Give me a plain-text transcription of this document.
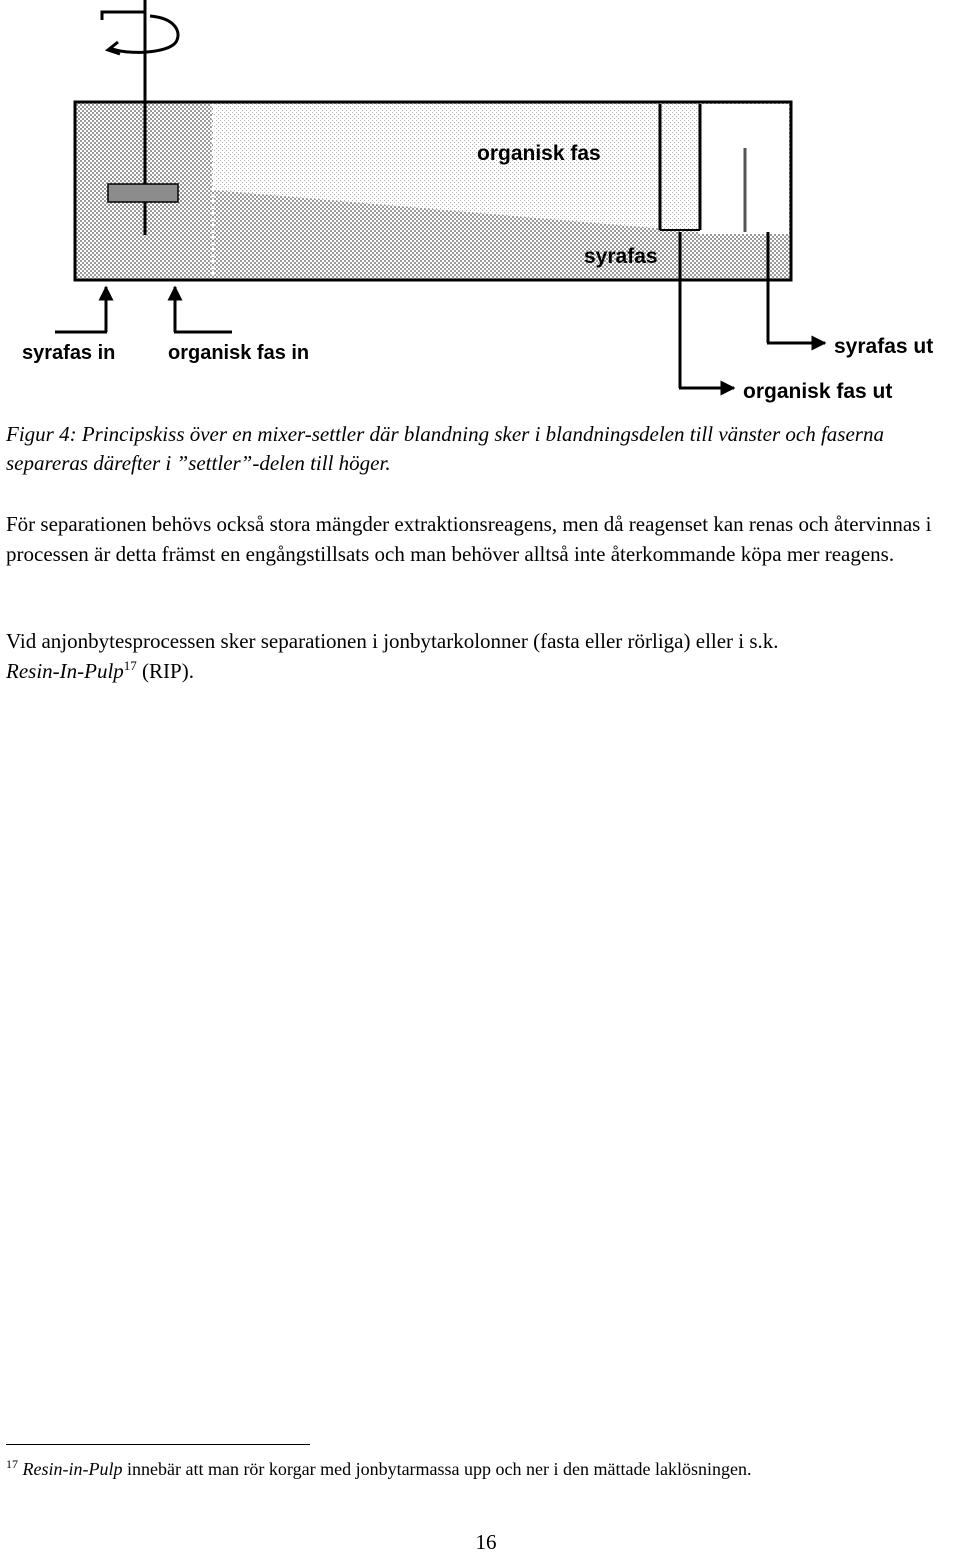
organisk fas
syrafas
syrafas in	organisk fas in	syrafas ut
organisk fas ut
Figur 4: Principskiss över en mixer-settler där blandning sker i blandningsdelen till vänster och faserna separeras därefter i ”settler”-delen till höger.
För separationen behövs också stora mängder extraktionsreagens, men då reagenset kan renas och återvinnas i processen är detta främst en engångstillsats och man behöver alltså inte återkommande köpa mer reagens.
Vid anjonbytesprocessen sker separationen i jonbytarkolonner (fasta eller rörliga) eller i s.k.
Resin-In-Pulp$^{17}$ (RIP).
$^{17}$ Resin-in-Pulp innebär att man rör korgar med jonbytarmassa upp och ner i den mättade laklösningen.
16
